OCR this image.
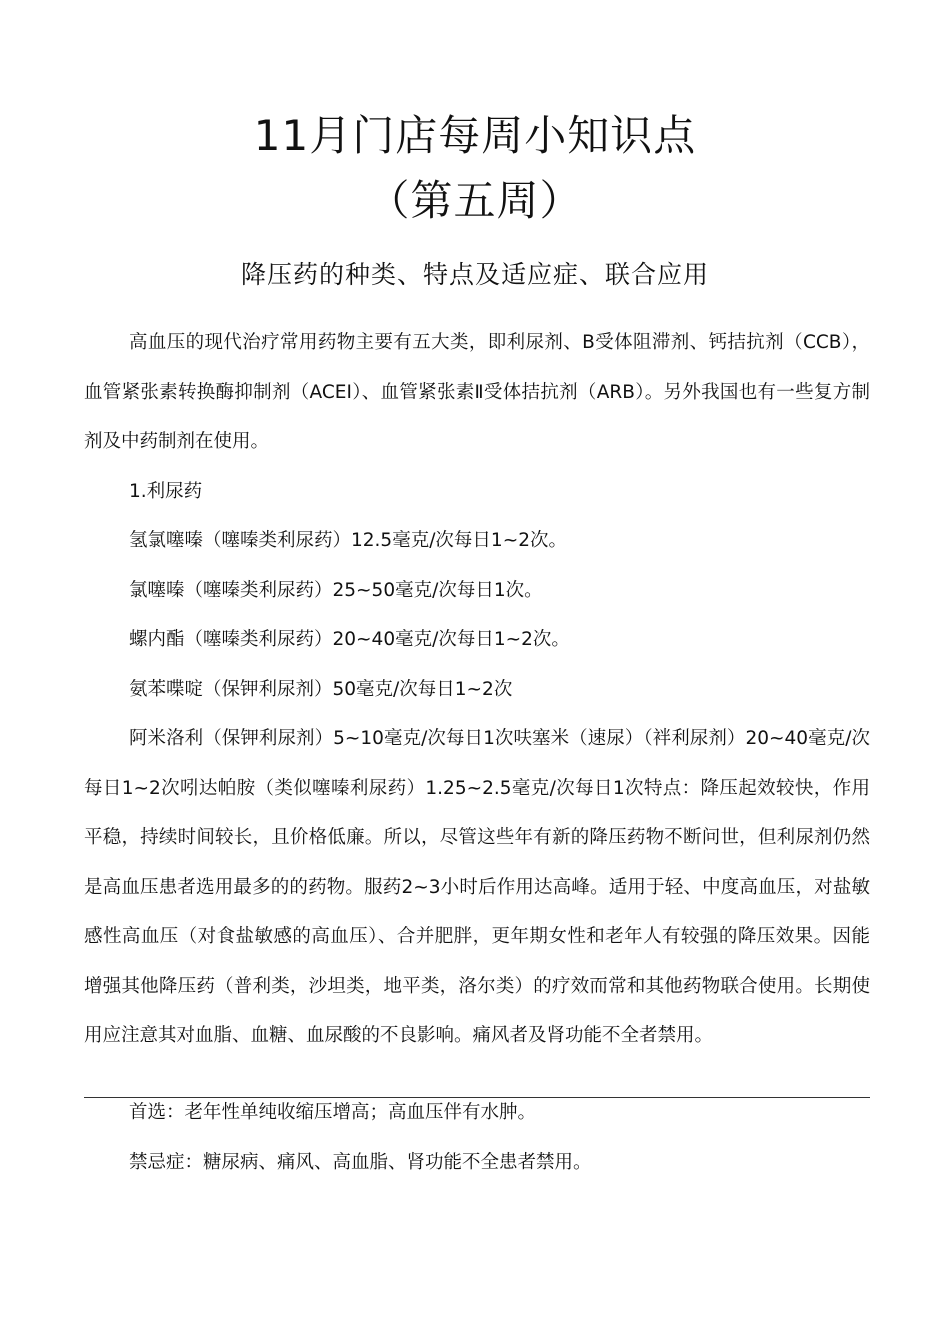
11月门店每周小知识点
（第五周）
降压药的种类、特点及适应症、联合应用

高血压的现代治疗常用药物主要有五大类，即利尿剂、B受体阻滞剂、钙拮抗剂（CCB），血管紧张素转换酶抑制剂（ACEI）、血管紧张素Ⅱ受体拮抗剂（ARB）。另外我国也有一些复方制剂及中药制剂在使用。

1.利尿药

氢氯噻嗪（噻嗪类利尿药）12.5毫克/次每日1~2次。

氯噻嗪（噻嗪类利尿药）25~50毫克/次每日1次。

螺内酯（噻嗪类利尿药）20~40毫克/次每日1~2次。

氨苯喋啶（保钾利尿剂）50毫克/次每日1~2次

阿米洛利（保钾利尿剂）5~10毫克/次每日1次呋塞米（速尿）（袢利尿剂）20~40毫克/次每日1~2次吲达帕胺（类似噻嗪利尿药）1.25~2.5毫克/次每日1次特点：降压起效较快，作用平稳，持续时间较长，且价格低廉。所以，尽管这些年有新的降压药物不断问世，但利尿剂仍然是高血压患者选用最多的的药物。服药2~3小时后作用达高峰。适用于轻、中度高血压，对盐敏感性高血压（对食盐敏感的高血压）、合并肥胖，更年期女性和老年人有较强的降压效果。因能增强其他降压药（普利类，沙坦类，地平类，洛尔类）的疗效而常和其他药物联合使用。长期使用应注意其对血脂、血糖、血尿酸的不良影响。痛风者及肾功能不全者禁用。

首选：老年性单纯收缩压增高；高血压伴有水肿。

禁忌症：糖尿病、痛风、高血脂、肾功能不全患者禁用。
